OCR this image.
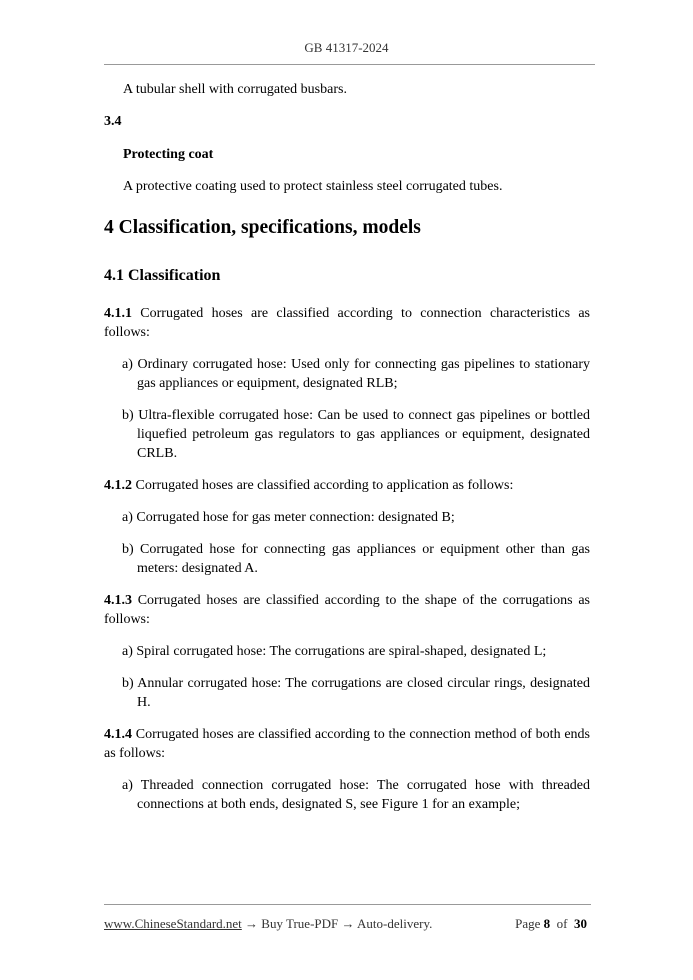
GB 41317-2024

A tubular shell with corrugated busbars.

3.4

Protecting coat

A protective coating used to protect stainless steel corrugated tubes.

4 Classification, specifications, models
4.1 Classification

4.1.1 Corrugated hoses are classified according to connection characteristics as follows:

a) Ordinary corrugated hose: Used only for connecting gas pipelines to stationary gas appliances or equipment, designated RLB;

b) Ultra-flexible corrugated hose: Can be used to connect gas pipelines or bottled liquefied petroleum gas regulators to gas appliances or equipment, designated CRLB.

4.1.2 Corrugated hoses are classified according to application as follows:

a) Corrugated hose for gas meter connection: designated B;

b) Corrugated hose for connecting gas appliances or equipment other than gas meters: designated A.

4.1.3 Corrugated hoses are classified according to the shape of the corrugations as follows:

a) Spiral corrugated hose: The corrugations are spiral-shaped, designated L;

b) Annular corrugated hose: The corrugations are closed circular rings, designated H.

4.1.4 Corrugated hoses are classified according to the connection method of both ends as follows:

a) Threaded connection corrugated hose: The corrugated hose with threaded connections at both ends, designated S, see Figure 1 for an example;

www.ChineseStandard.net → Buy True-PDF → Auto-delivery.	Page 8 of 30
